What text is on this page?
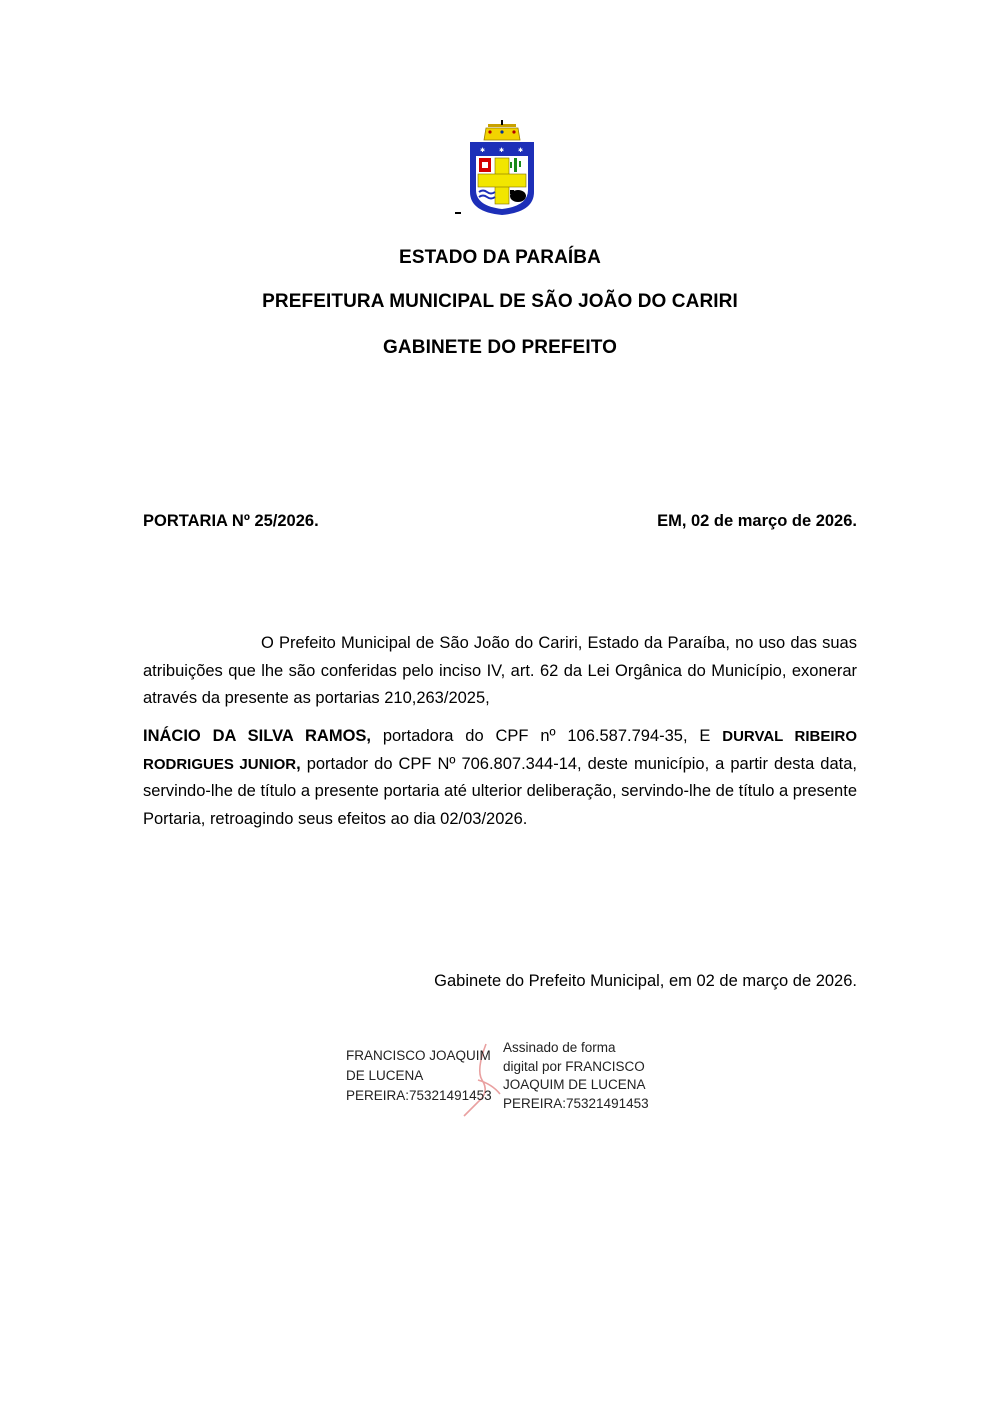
✱ ✱ ✱
ESTADO DA PARAÍBA
PREFEITURA MUNICIPAL DE SÃO JOÃO DO CARIRI
GABINETE DO PREFEITO
PORTARIA Nº 25/2026.	EM, 02 de março de 2026.
O Prefeito Municipal de São João do Cariri, Estado da Paraíba, no uso das suas atribuições que lhe são conferidas pelo inciso IV, art. 62 da Lei Orgânica do Município, exonerar através da presente as portarias 210,263/2025,
INÁCIO DA SILVA RAMOS, portadora do CPF nº 106.587.794-35, E DURVAL RIBEIRO RODRIGUES JUNIOR, portador do CPF Nº 706.807.344-14, deste município, a partir desta data, servindo-lhe de título a presente portaria até ulterior deliberação, servindo-lhe de título a presente Portaria, retroagindo seus efeitos ao dia 02/03/2026.
Gabinete do Prefeito Municipal, em 02 de março de 2026.
FRANCISCO JOAQUIM
DE LUCENA
PEREIRA:75321491453
Assinado de forma
digital por FRANCISCO
JOAQUIM DE LUCENA
PEREIRA:75321491453
